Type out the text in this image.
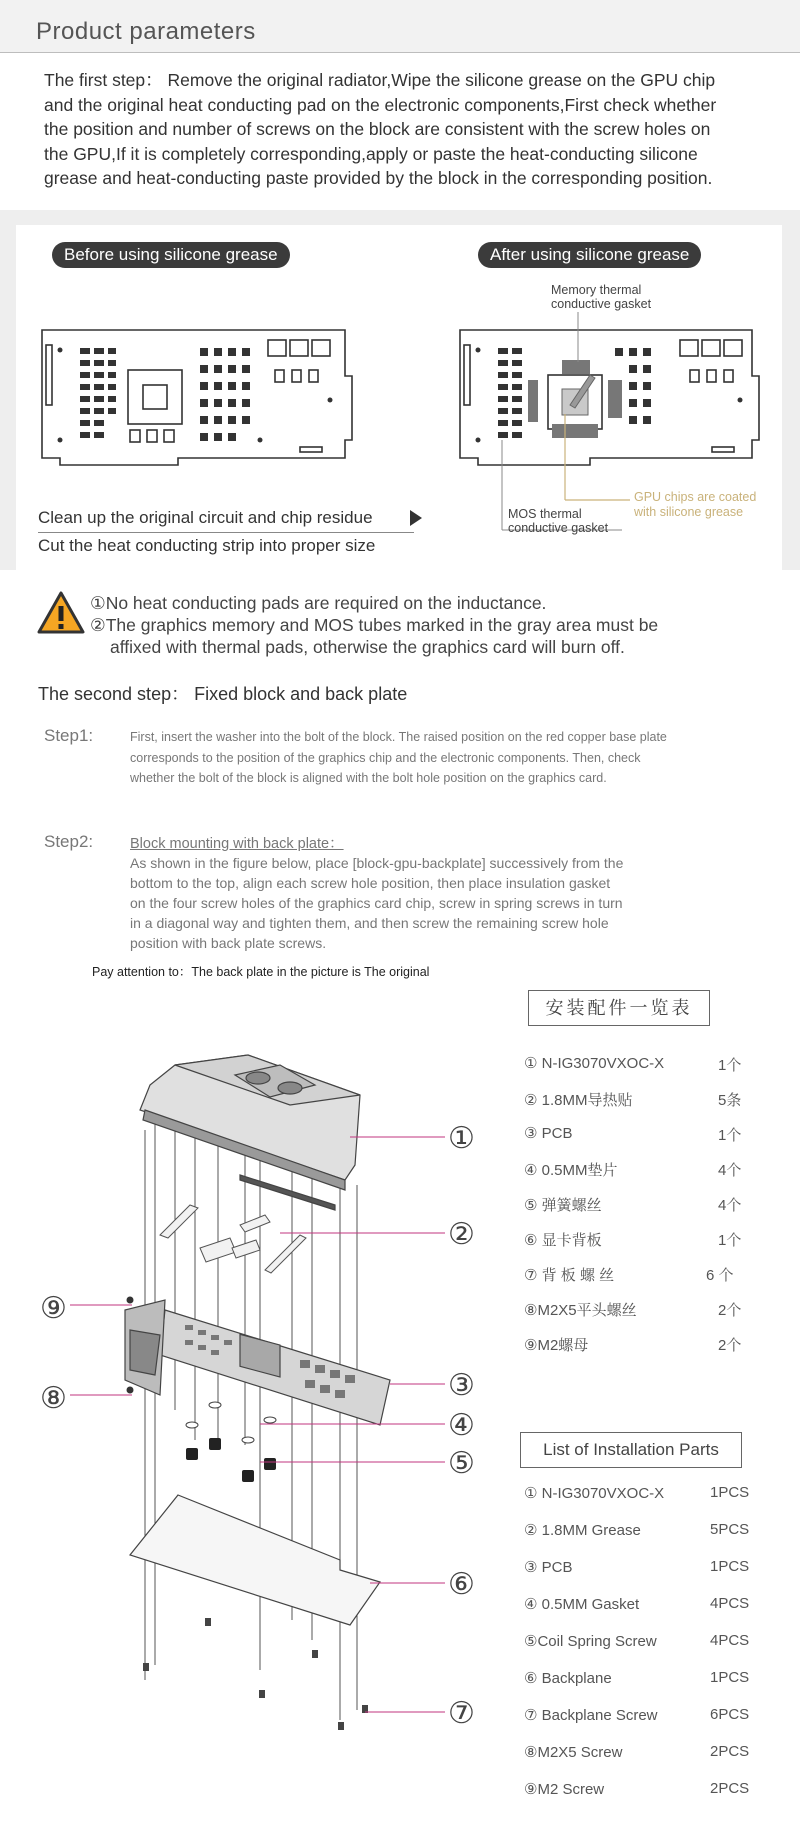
Product parameters
The first step： Remove the original radiator,Wipe the silicone grease on the GPU chip
and the original heat conducting pad on the electronic components,First check whether
the position and number of screws on the block are consistent with the screw holes on
the GPU,If it is completely corresponding,apply or paste the heat-conducting silicone
grease and heat-conducting paste provided by the block in the corresponding position.
Before using silicone grease	After using silicone grease
Memory thermal
conductive gasket
MOS thermal
conductive gasket
GPU chips are coated
with silicone grease
Clean up the original circuit and chip residue
Cut the heat conducting strip into proper size
①No heat conducting pads are required on the inductance.
②The graphics memory and MOS tubes marked in the gray area must be
affixed with thermal pads, otherwise the graphics card will burn off.
The second step： Fixed block and back plate
Step1:	First, insert the washer into the bolt of the block. The raised position on the red copper base plate
corresponds to the position of the graphics chip and the electronic components. Then, check
whether the bolt of the block is aligned with the bolt hole position on the graphics card.
Step2:	Block mounting with back plate：
As shown in the figure below, place [block-gpu-backplate] successively from the
bottom to the top, align each screw hole position, then place insulation gasket
on the four screw holes of the graphics card chip, screw in spring screws in turn
in a diagonal way and tighten them, and then screw the remaining screw hole
position with back plate screws.
Pay attention to：The back plate in the picture is The original
①
②
⑨
⑧	③
④
⑤
⑥
⑦
安装配件一览表
① N-IG3070VXOC-X	1个
② 1.8MM导热贴	5条
③ PCB	1个
④ 0.5MM垫片	4个
⑤ 弹簧螺丝	4个
⑥ 显卡背板	1个
⑦ 背 板 螺 丝	6 个
⑧M2X5平头螺丝	2个
⑨M2螺母	2个
List of Installation Parts
① N-IG3070VXOC-X	1PCS
② 1.8MM Grease	5PCS
③ PCB	1PCS
④ 0.5MM Gasket	4PCS
⑤Coil Spring Screw	4PCS
⑥ Backplane	1PCS
⑦ Backplane Screw	6PCS
⑧M2X5 Screw	2PCS
⑨M2 Screw	2PCS
